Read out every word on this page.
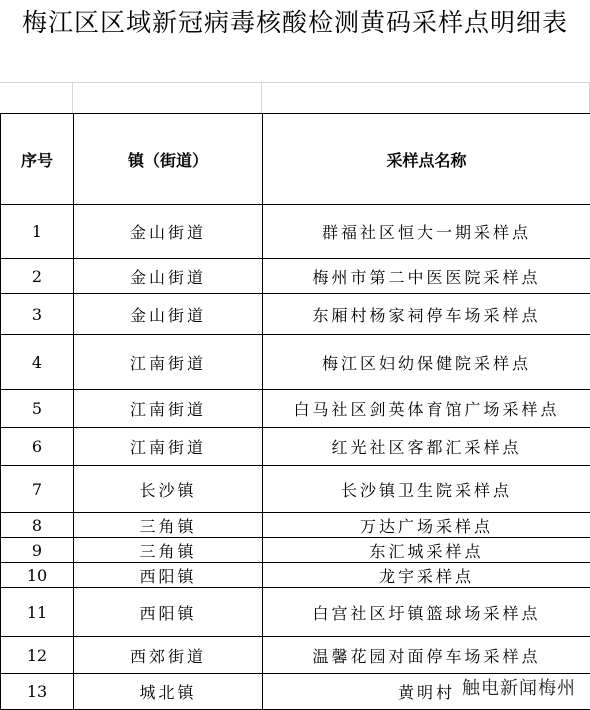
梅江区区域新冠病毒核酸检测黄码采样点明细表
序号	镇（街道）	采样点名称
1	金山街道	群福社区恒大一期采样点
2	金山街道	梅州市第二中医医院采样点
3	金山街道	东厢村杨家祠停车场采样点
4	江南街道	梅江区妇幼保健院采样点
5	江南街道	白马社区剑英体育馆广场采样点
6	江南街道	红光社区客都汇采样点
7	长沙镇	长沙镇卫生院采样点
8	三角镇	万达广场采样点
9	三角镇	东汇城采样点
10	西阳镇	龙宇采样点
11	西阳镇	白宫社区圩镇篮球场采样点
12	西郊街道	温馨花园对面停车场采样点
13	城北镇	黄明村 触电新闻梅州
